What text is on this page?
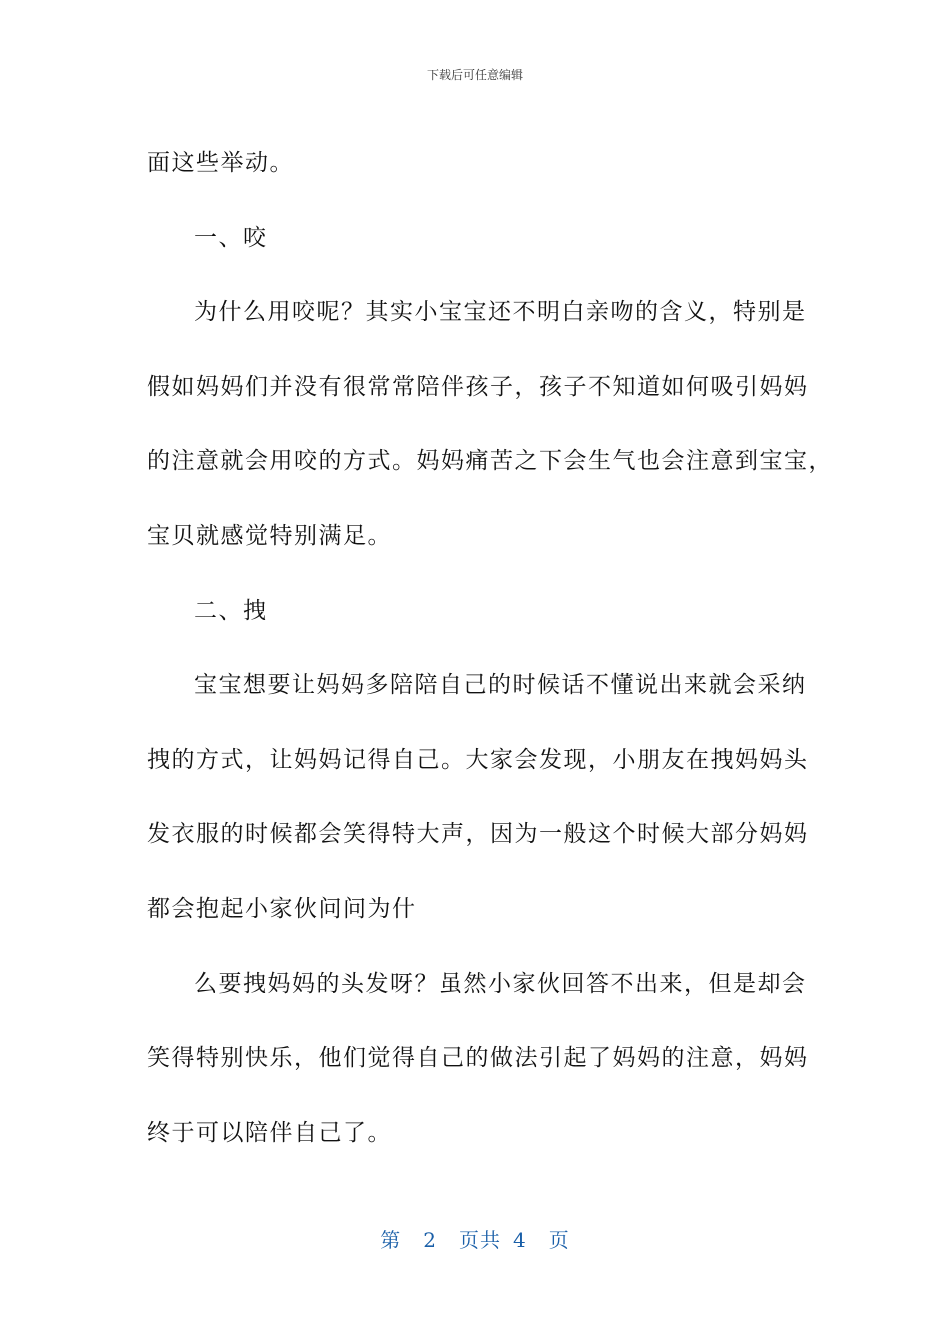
下载后可任意编辑
面这些举动。
一、咬
为什么用咬呢？其实小宝宝还不明白亲吻的含义，特别是
假如妈妈们并没有很常常陪伴孩子，孩子不知道如何吸引妈妈
的注意就会用咬的方式。妈妈痛苦之下会生气也会注意到宝宝，
宝贝就感觉特别满足。
二、拽
宝宝想要让妈妈多陪陪自己的时候话不懂说出来就会采纳
拽的方式，让妈妈记得自己。大家会发现，小朋友在拽妈妈头
发衣服的时候都会笑得特大声，因为一般这个时候大部分妈妈
都会抱起小家伙问问为什
么要拽妈妈的头发呀？虽然小家伙回答不出来，但是却会
笑得特别快乐，他们觉得自己的做法引起了妈妈的注意，妈妈
终于可以陪伴自己了。
第 2 页共 4 页
